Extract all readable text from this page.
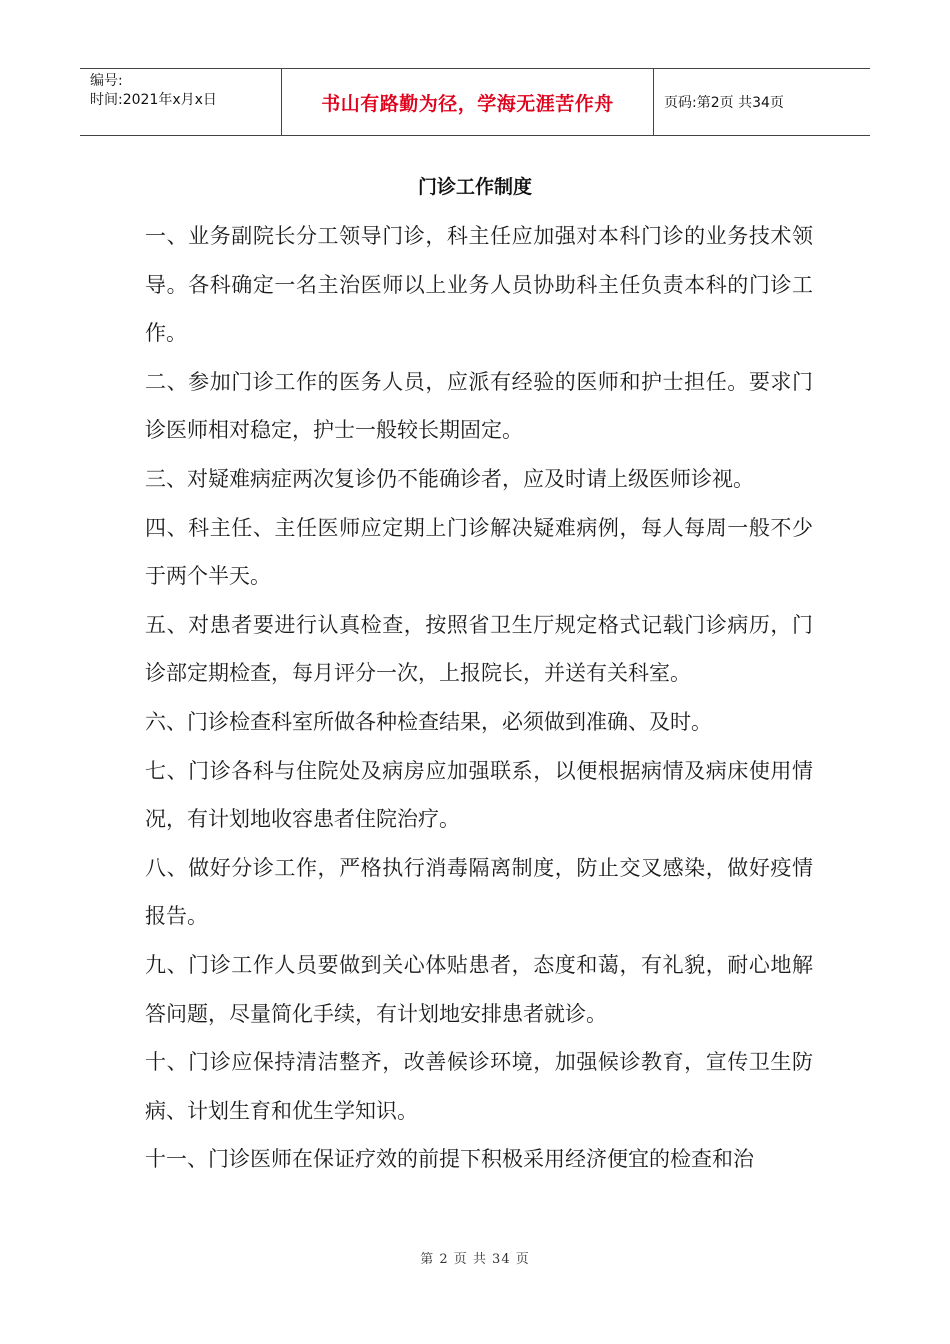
编号:
时间:2021年x月x日	书山有路勤为径，学海无涯苦作舟	页码:第2页 共34页
门诊工作制度

一、业务副院长分工领导门诊，科主任应加强对本科门诊的业务技术领导。各科确定一名主治医师以上业务人员协助科主任负责本科的门诊工作。

二、参加门诊工作的医务人员，应派有经验的医师和护士担任。要求门诊医师相对稳定，护士一般较长期固定。

三、对疑难病症两次复诊仍不能确诊者，应及时请上级医师诊视。

四、科主任、主任医师应定期上门诊解决疑难病例，每人每周一般不少于两个半天。

五、对患者要进行认真检查，按照省卫生厅规定格式记载门诊病历，门诊部定期检查，每月评分一次，上报院长，并送有关科室。

六、门诊检查科室所做各种检查结果，必须做到准确、及时。

七、门诊各科与住院处及病房应加强联系，以便根据病情及病床使用情况，有计划地收容患者住院治疗。

八、做好分诊工作，严格执行消毒隔离制度，防止交叉感染，做好疫情报告。

九、门诊工作人员要做到关心体贴患者，态度和蔼，有礼貌，耐心地解答问题，尽量简化手续，有计划地安排患者就诊。

十、门诊应保持清洁整齐，改善候诊环境，加强候诊教育，宣传卫生防病、计划生育和优生学知识。

十一、门诊医师在保证疗效的前提下积极采用经济便宜的检查和治

第 2 页 共 34 页
